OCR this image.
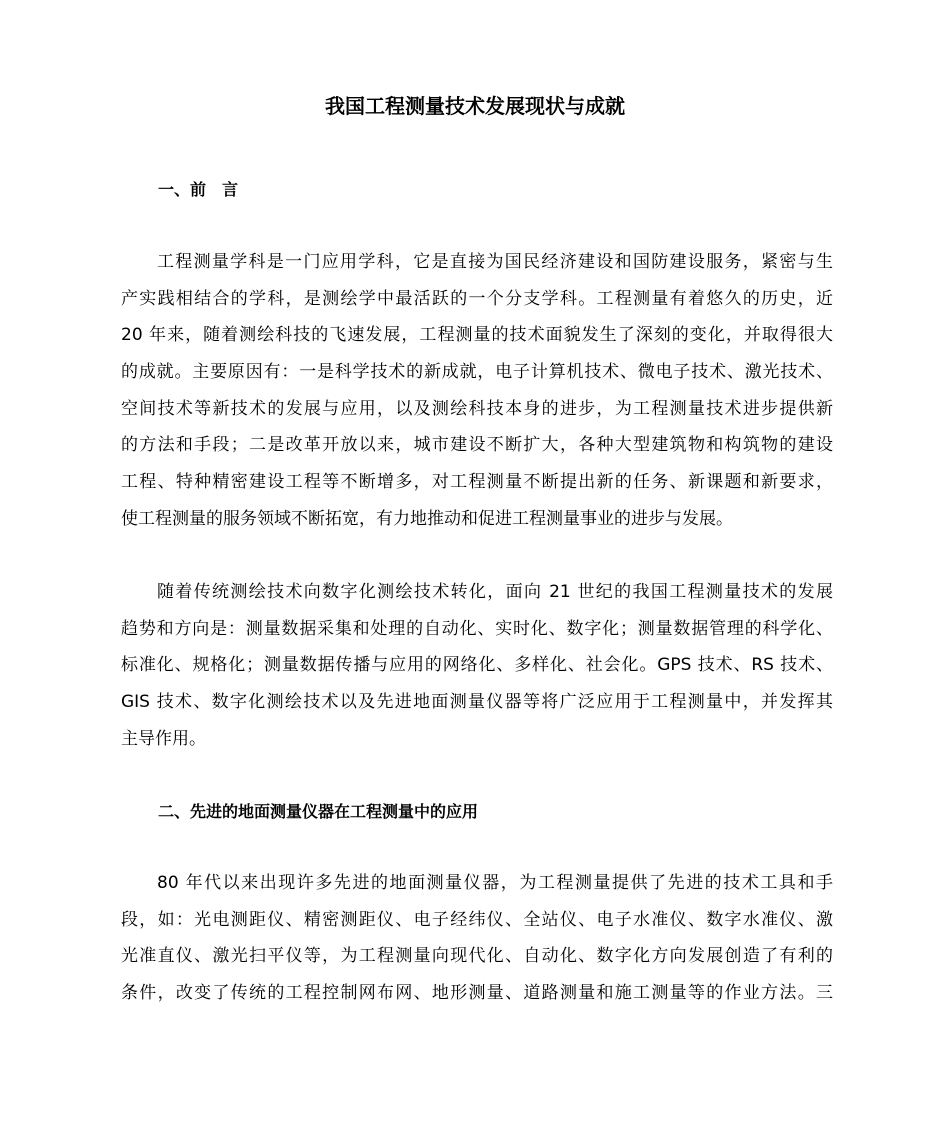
我国工程测量技术发展现状与成就
一、前　言
工程测量学科是一门应用学科，它是直接为国民经济建设和国防建设服务，紧密与生
产实践相结合的学科，是测绘学中最活跃的一个分支学科。工程测量有着悠久的历史，近
20 年来，随着测绘科技的飞速发展，工程测量的技术面貌发生了深刻的变化，并取得很大
的成就。主要原因有：一是科学技术的新成就，电子计算机技术、微电子技术、激光技术、
空间技术等新技术的发展与应用，以及测绘科技本身的进步，为工程测量技术进步提供新
的方法和手段；二是改革开放以来，城市建设不断扩大，各种大型建筑物和构筑物的建设
工程、特种精密建设工程等不断增多，对工程测量不断提出新的任务、新课题和新要求，
使工程测量的服务领域不断拓宽，有力地推动和促进工程测量事业的进步与发展。
随着传统测绘技术向数字化测绘技术转化，面向 21 世纪的我国工程测量技术的发展
趋势和方向是：测量数据采集和处理的自动化、实时化、数字化；测量数据管理的科学化、
标准化、规格化；测量数据传播与应用的网络化、多样化、社会化。GPS 技术、RS 技术、
GIS 技术、数字化测绘技术以及先进地面测量仪器等将广泛应用于工程测量中，并发挥其
主导作用。
二、先进的地面测量仪器在工程测量中的应用
80 年代以来出现许多先进的地面测量仪器，为工程测量提供了先进的技术工具和手
段，如：光电测距仪、精密测距仪、电子经纬仪、全站仪、电子水准仪、数字水准仪、激
光准直仪、激光扫平仪等，为工程测量向现代化、自动化、数字化方向发展创造了有利的
条件，改变了传统的工程控制网布网、地形测量、道路测量和施工测量等的作业方法。三
